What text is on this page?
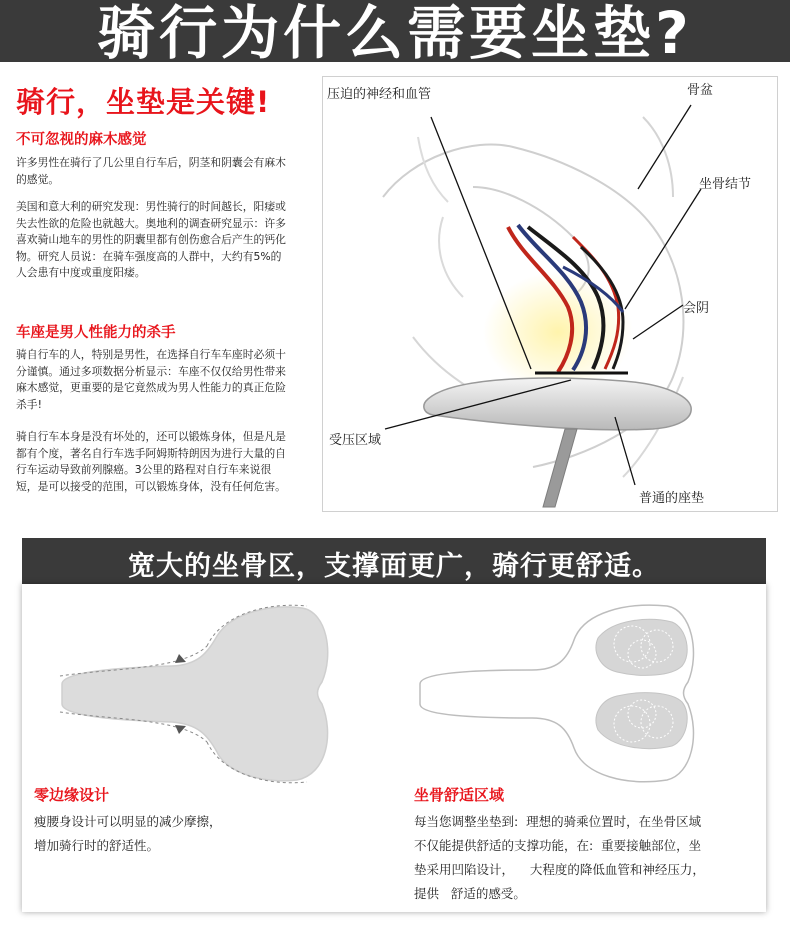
骑行为什么需要坐垫?
骑行，坐垫是关键!
不可忽视的麻木感觉
许多男性在骑行了几公里自行车后，阴茎和阴囊会有麻木的感觉。
美国和意大利的研究发现：男性骑行的时间越长，阳痿或失去性欲的危险也就越大。奥地利的调查研究显示：许多喜欢骑山地车的男性的阴囊里都有创伤愈合后产生的钙化物。研究人员说：在骑车强度高的人群中，大约有5%的人会患有中度或重度阳痿。
车座是男人性能力的杀手
骑自行车的人，特别是男性，在选择自行车车座时必须十分谨慎。通过多项数据分析显示：车座不仅仅给男性带来麻木感觉，更重要的是它竟然成为男人性能力的真正危险杀手!
骑自行车本身是没有坏处的，还可以锻炼身体，但是凡是都有个度，著名自行车选手阿姆斯特朗因为进行大量的自行车运动导致前列腺癌。3公里的路程对自行车来说很短，是可以接受的范围，可以锻炼身体，没有任何危害。
压迫的神经和血管	骨盆
坐骨结节
会阴
受压区域
普通的座垫
宽大的坐骨区，支撑面更广，骑行更舒适。
零边缘设计
瘦腰身设计可以明显的减少摩擦，
增加骑行时的舒适性。
坐骨舒适区域
每当您调整坐垫到:  理想的骑乘位置时，在坐骨区域
不仅能提供舒适的支撑功能，在:  重要接触部位，坐
垫采用凹陷设计，    大程度的降低血管和神经压力，
提供   舒适的感受。
